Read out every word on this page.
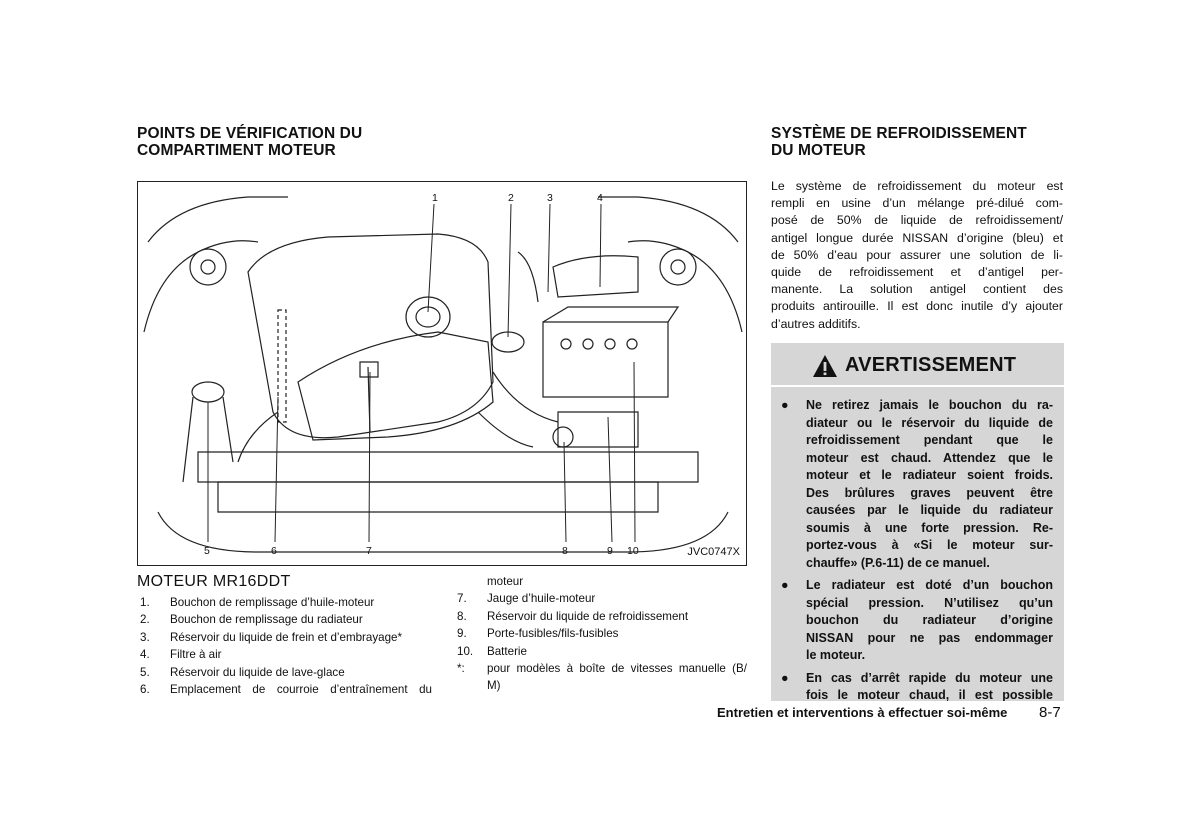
POINTS DE VÉRIFICATION DU
COMPARTIMENT MOTEUR
SYSTÈME DE REFROIDISSEMENT
DU MOTEUR
1	2	3	4
5	6	7	8	9 10	JVC0747X
MOTEUR MR16DDT
1.	Bouchon de remplissage d’huile-moteur
2.	Bouchon de remplissage du radiateur
3.	Réservoir du liquide de frein et d’embrayage*
4.	Filtre à air
5.	Réservoir du liquide de lave-glace
6.	Emplacement de courroie d’entraînement du
moteur
7.	Jauge d’huile-moteur
8.	Réservoir du liquide de refroidissement
9.	Porte-fusibles/fils-fusibles
10.	Batterie
*:	pour modèles à boîte de vitesses manuelle (B/
M)
Le système de refroidissement du moteur est
rempli en usine d’un mélange pré-dilué com-
posé de 50% de liquide de refroidissement/
antigel longue durée NISSAN d’origine (bleu) et
de 50% d’eau pour assurer une solution de li-
quide de refroidissement et d’antigel per-
manente. La solution antigel contient des
produits antirouille. Il est donc inutile d’y ajouter
d’autres additifs.
AVERTISSEMENT
●	Ne retirez jamais le bouchon du ra-
diateur ou le réservoir du liquide de
refroidissement pendant que le
moteur est chaud. Attendez que le
moteur et le radiateur soient froids.
Des brûlures graves peuvent être
causées par le liquide du radiateur
soumis à une forte pression. Re-
portez-vous à «Si le moteur sur-
chauffe» (P.6-11) de ce manuel.
●	Le radiateur est doté d’un bouchon
spécial pression. N’utilisez qu’un
bouchon du radiateur d’origine
NISSAN pour ne pas endommager
le moteur.
●	En cas d’arrêt rapide du moteur une
fois le moteur chaud, il est possible
Entretien et interventions à effectuer soi-même 8-7
